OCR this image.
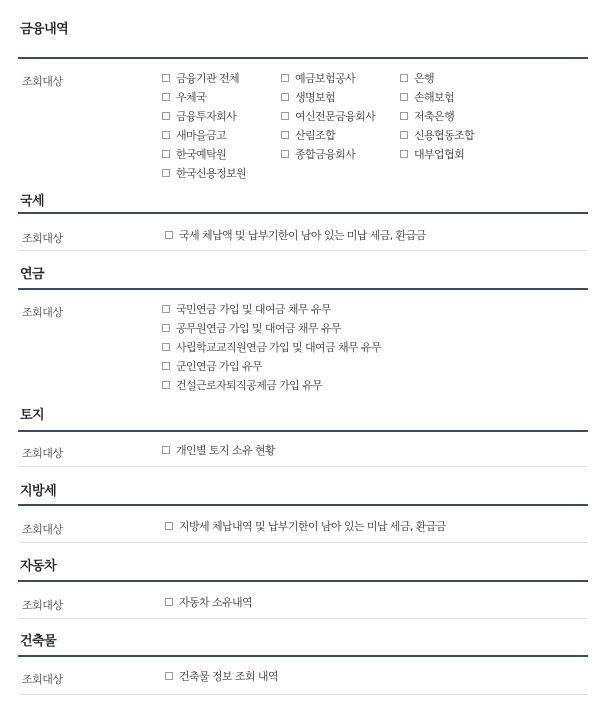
금융내역
조회대상	금융기관 전체	예금보험공사	은행
우체국	생명보험	손해보험
금융투자회사	여신전문금융회사	저축은행
새마을금고	산림조합	신용협동조합
한국예탁원	종합금융회사	대부업협회
한국신용정보원
국세
조회대상	국세 체납액 및 납부기한이 남아 있는 미납 세금, 환급금
연금
조회대상	국민연금 가입 및 대여금 채무 유무
공무원연금 가입 및 대여금 채무 유무
사립학교교직원연금 가입 및 대여금 채무 유무
군인연금 가입 유무
건설근로자퇴직공제금 가입 유무
토지
조회대상	개인별 토지 소유 현황
지방세
조회대상	지방세 체납내역 및 납부기한이 남아 있는 미납 세금, 환급금
자동차
조회대상	자동차 소유내역
건축물
조회대상	건축물 정보 조회 내역
